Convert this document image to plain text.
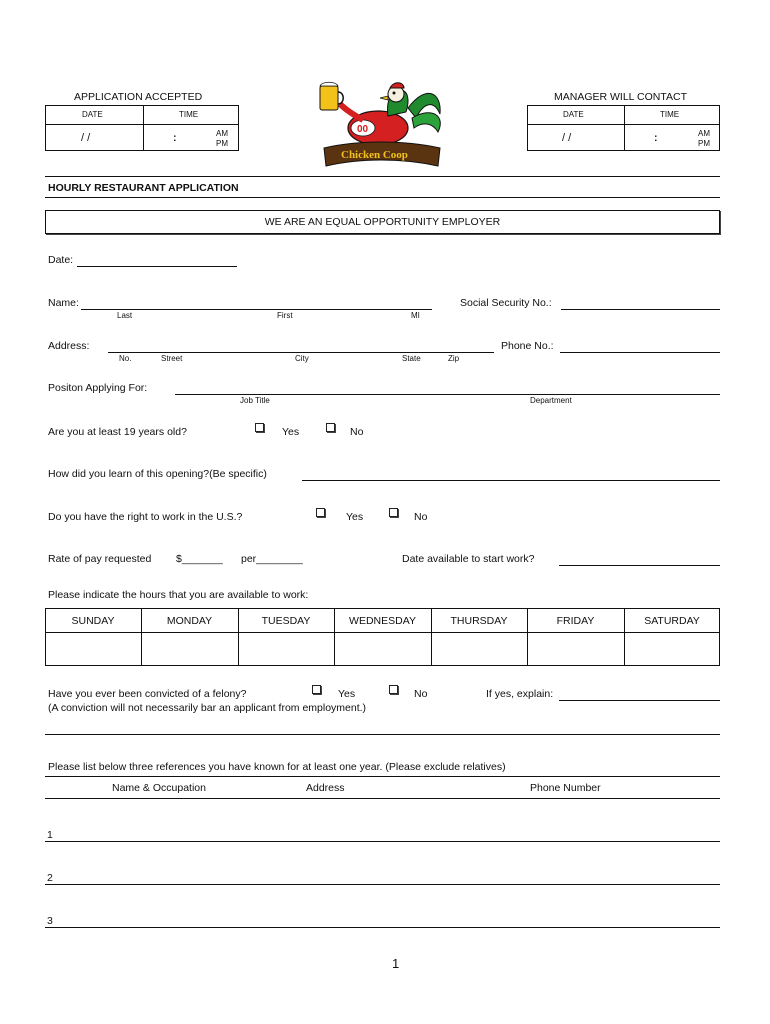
APPLICATION ACCEPTED
DATE	TIME
/ /	:	AM
PM
MANAGER WILL CONTACT
DATE	TIME
/ /	:	AM
PM
00
Chicken Coop
Sports Bar & Grill
HOURLY RESTAURANT APPLICATION
WE ARE AN EQUAL OPPORTUNITY EMPLOYER
Date:
Name:
Last	First	MI
Social Security No.:
Address:
No.	Street	City	State	Zip
Phone No.:
Positon Applying For:
Job Title	Department
Are you at least 19 years old?	Yes	No
How did you learn of this opening?(Be specific)
Do you have the right to work in the U.S.?	Yes	No
Rate of pay requested $_______ per________	Date available to start work?
Please indicate the hours that you are available to work:
SUNDAY	MONDAY	TUESDAY	WEDNESDAY	THURSDAY	FRIDAY	SATURDAY
Have you ever been convicted of a felony?
(A conviction will not necessarily bar an applicant from employment.)
Yes	No	If yes, explain:
Please list below three references you have known for at least one year. (Please exclude relatives)
Name & Occupation	Address	Phone Number
1
2
3
1
